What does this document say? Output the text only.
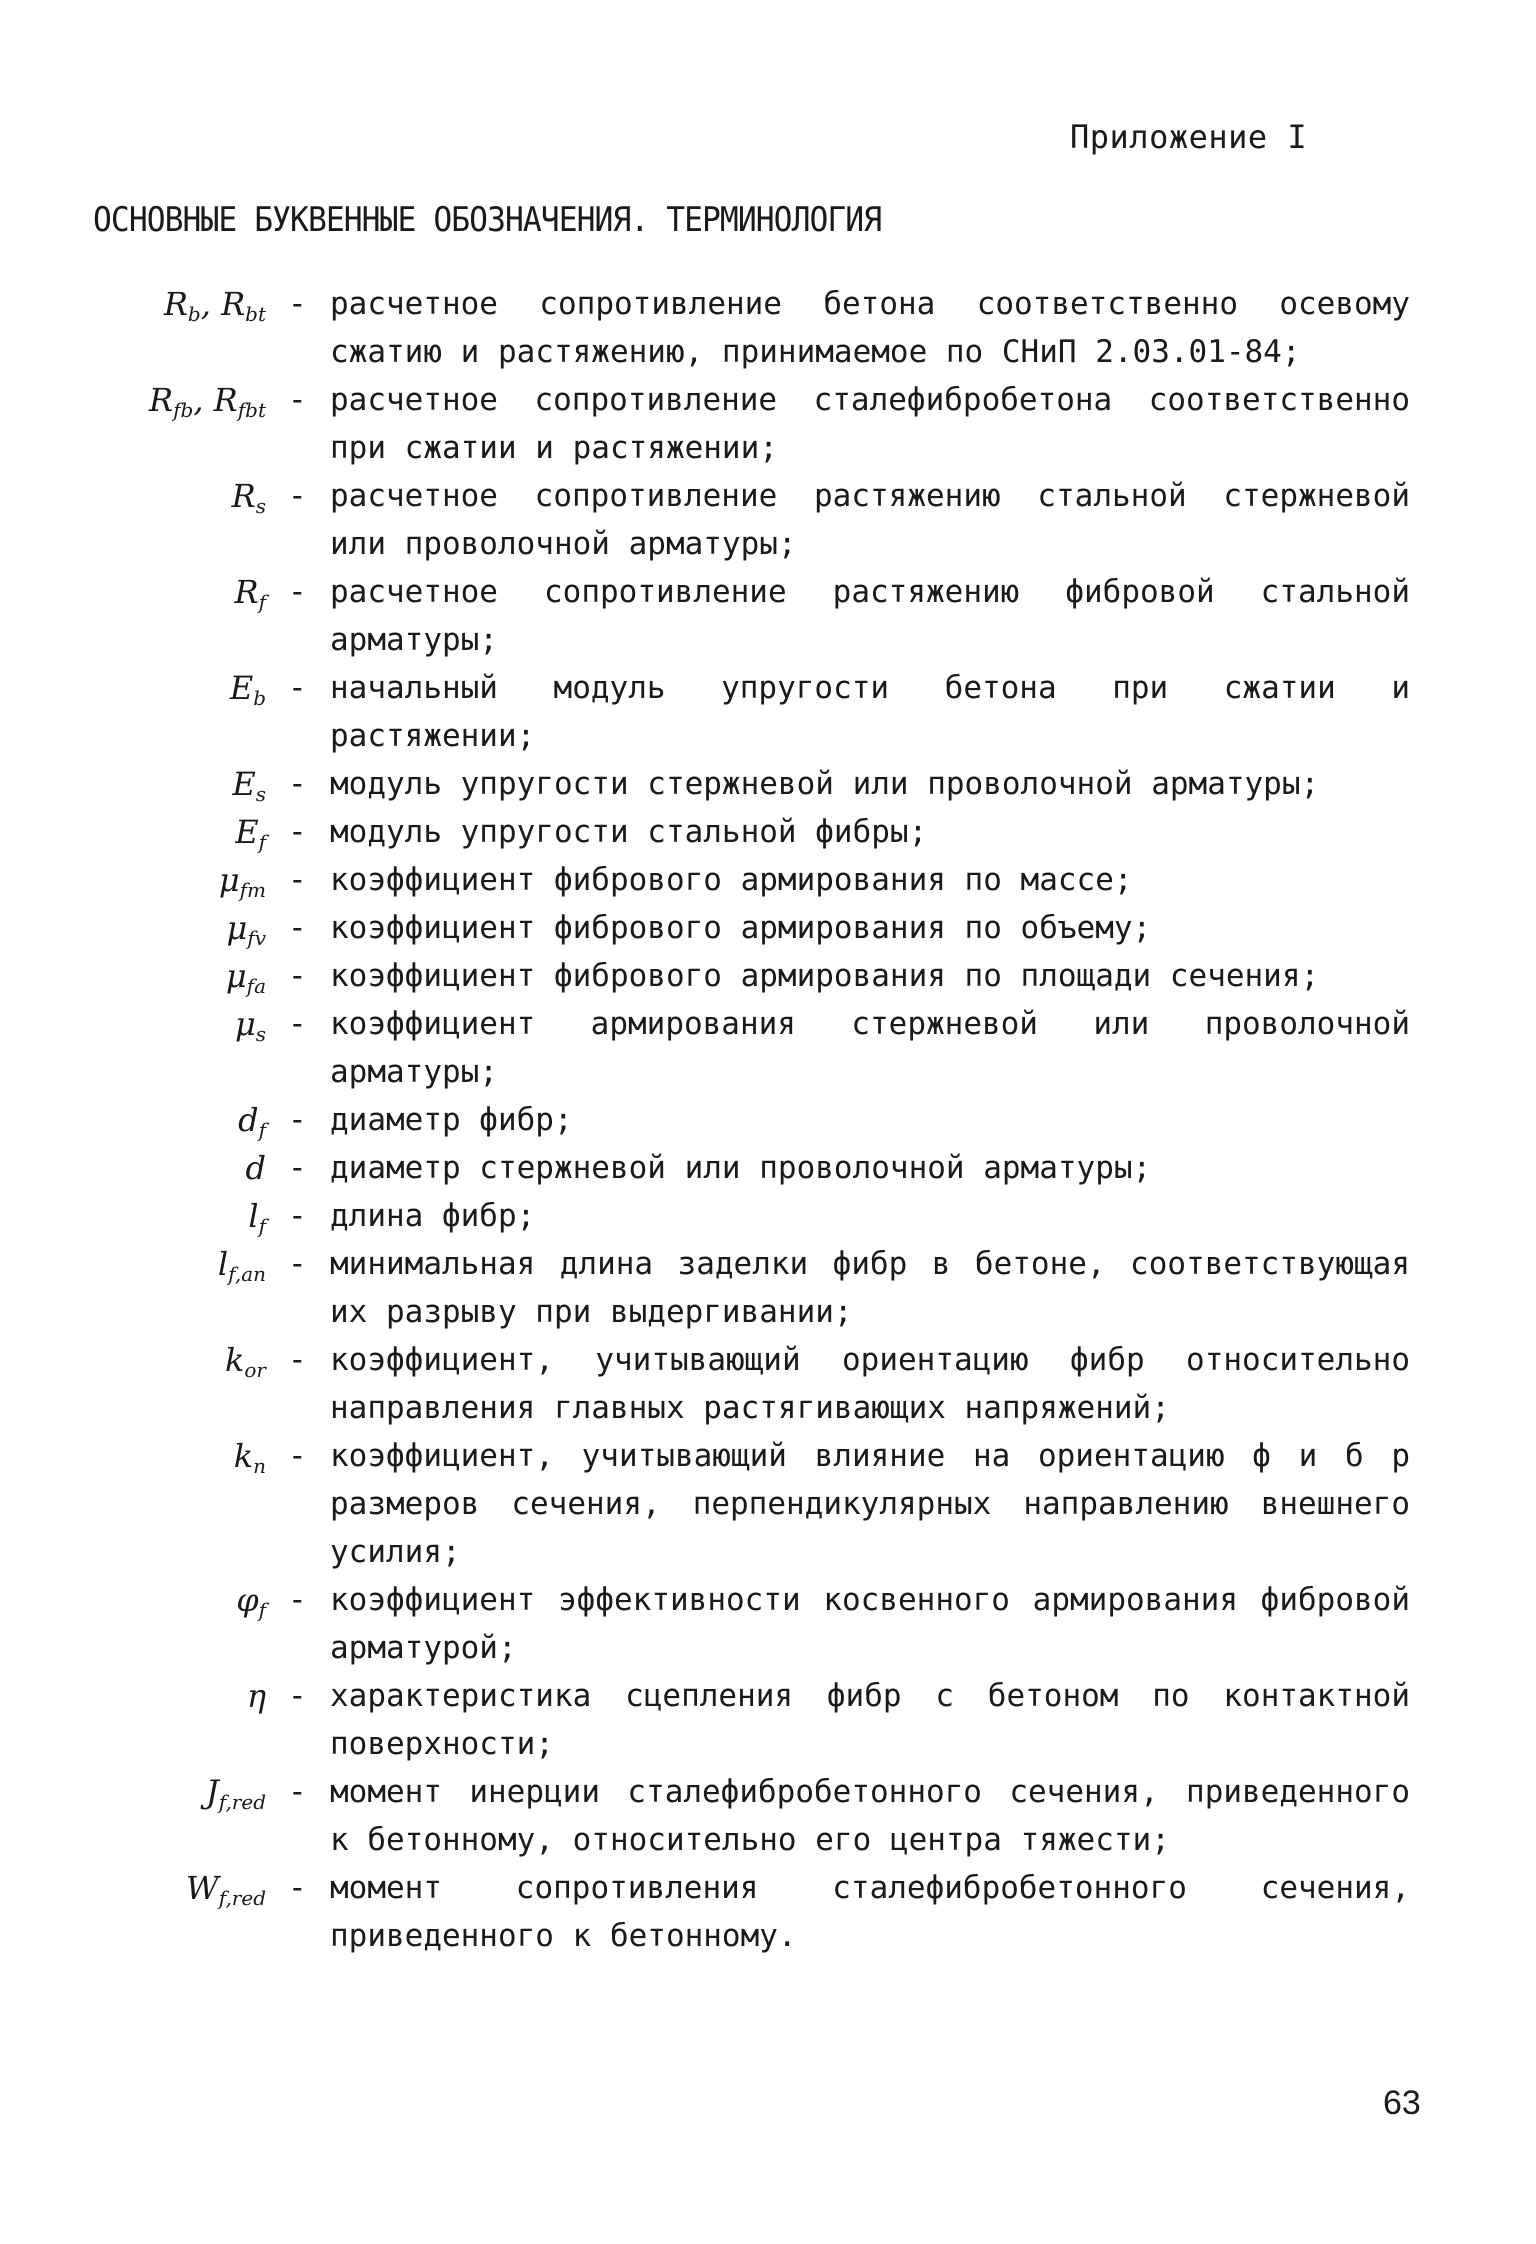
Приложение I
ОСНОВНЫЕ БУКВЕННЫЕ ОБОЗНАЧЕНИЯ. ТЕРМИНОЛОГИЯ
$R_b$, $R_{bt}$ - расчетное сопротивление бетона соответственно осевому сжатию и растяжению, принимаемое по СНиП 2.03.01-84;
$R_{fb}$, $R_{fbt}$ - расчетное сопротивление сталефибробетона соответственно при сжатии и растяжении;
$R_s$ - расчетное сопротивление растяжению стальной стержневой или проволочной арматуры;
$R_f$ - расчетное сопротивление растяжению фибровой стальной арматуры;
$E_b$ - начальный модуль упругости бетона при сжатии и растяжении;
$E_s$ - модуль упругости стержневой или проволочной арматуры;
$E_f$ - модуль упругости стальной фибры;
$\mu_{fm}$ - коэффициент фибрового армирования по массе;
$\mu_{fv}$ - коэффициент фибрового армирования по объему;
$\mu_{fa}$ - коэффициент фибрового армирования по площади сечения;
$\mu_s$ - коэффициент армирования стержневой или проволочной арматуры;
$d_f$ - диаметр фибр;
d - диаметр стержневой или проволочной арматуры;
$l_f$ - длина фибр;
$l_{f,an}$ - минимальная длина заделки фибр в бетоне, соответствующая их разрыву при выдергивании;
$k_{or}$ - коэффициент, учитывающий ориентацию фибр относительно направления главных растягивающих напряжений;
$k_n$ - коэффициент, учитывающий влияние на ориентацию ф и б р размеров сечения, перпендикулярных направлению внешнего усилия;
$\varphi_f$ - коэффициент эффективности косвенного армирования фибровой арматурой;
η - характеристика сцепления фибр с бетоном по контактной поверхности;
$J_{f,red}$ - момент инерции сталефибробетонного сечения, приведенного к бетонному, относительно его центра тяжести;
$W_{f,red}$ - момент сопротивления сталефибробетонного сечения, приведенного к бетонному.
63
